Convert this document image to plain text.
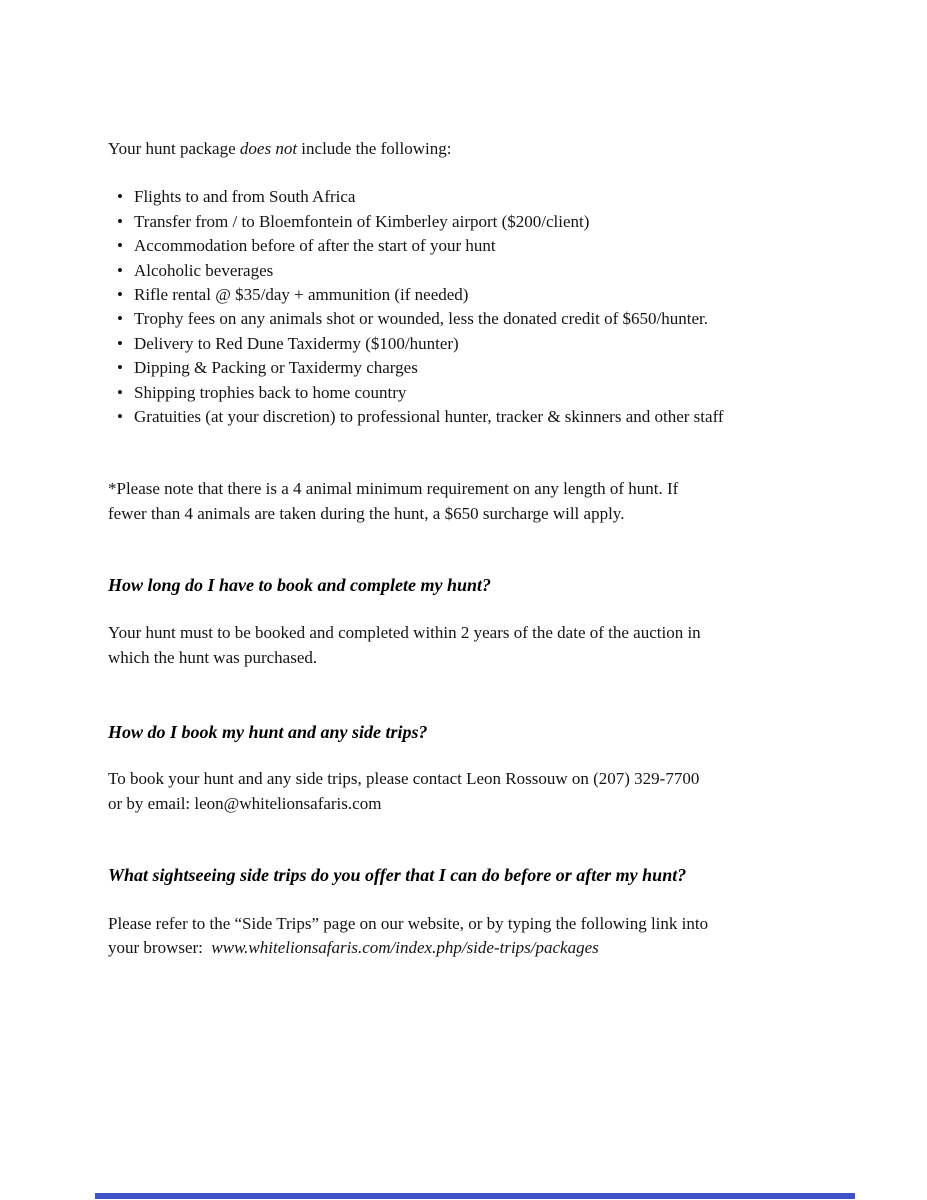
Your hunt package does not include the following:

• Flights to and from South Africa
• Transfer from / to Bloemfontein of Kimberley airport ($200/client)
• Accommodation before of after the start of your hunt
• Alcoholic beverages
• Rifle rental @ $35/day + ammunition (if needed)
• Trophy fees on any animals shot or wounded, less the donated credit of $650/hunter.
• Delivery to Red Dune Taxidermy ($100/hunter)
• Dipping & Packing or Taxidermy charges
• Shipping trophies back to home country
• Gratuities (at your discretion) to professional hunter, tracker & skinners and other staff

*Please note that there is a 4 animal minimum requirement on any length of hunt. If
fewer than 4 animals are taken during the hunt, a $650 surcharge will apply.

How long do I have to book and complete my hunt?

Your hunt must to be booked and completed within 2 years of the date of the auction in
which the hunt was purchased.

How do I book my hunt and any side trips?

To book your hunt and any side trips, please contact Leon Rossouw on (207) 329-7700
or by email: leon@whitelionsafaris.com

What sightseeing side trips do you offer that I can do before or after my hunt?

Please refer to the “Side Trips” page on our website, or by typing the following link into
your browser:  www.whitelionsafaris.com/index.php/side-trips/packages
